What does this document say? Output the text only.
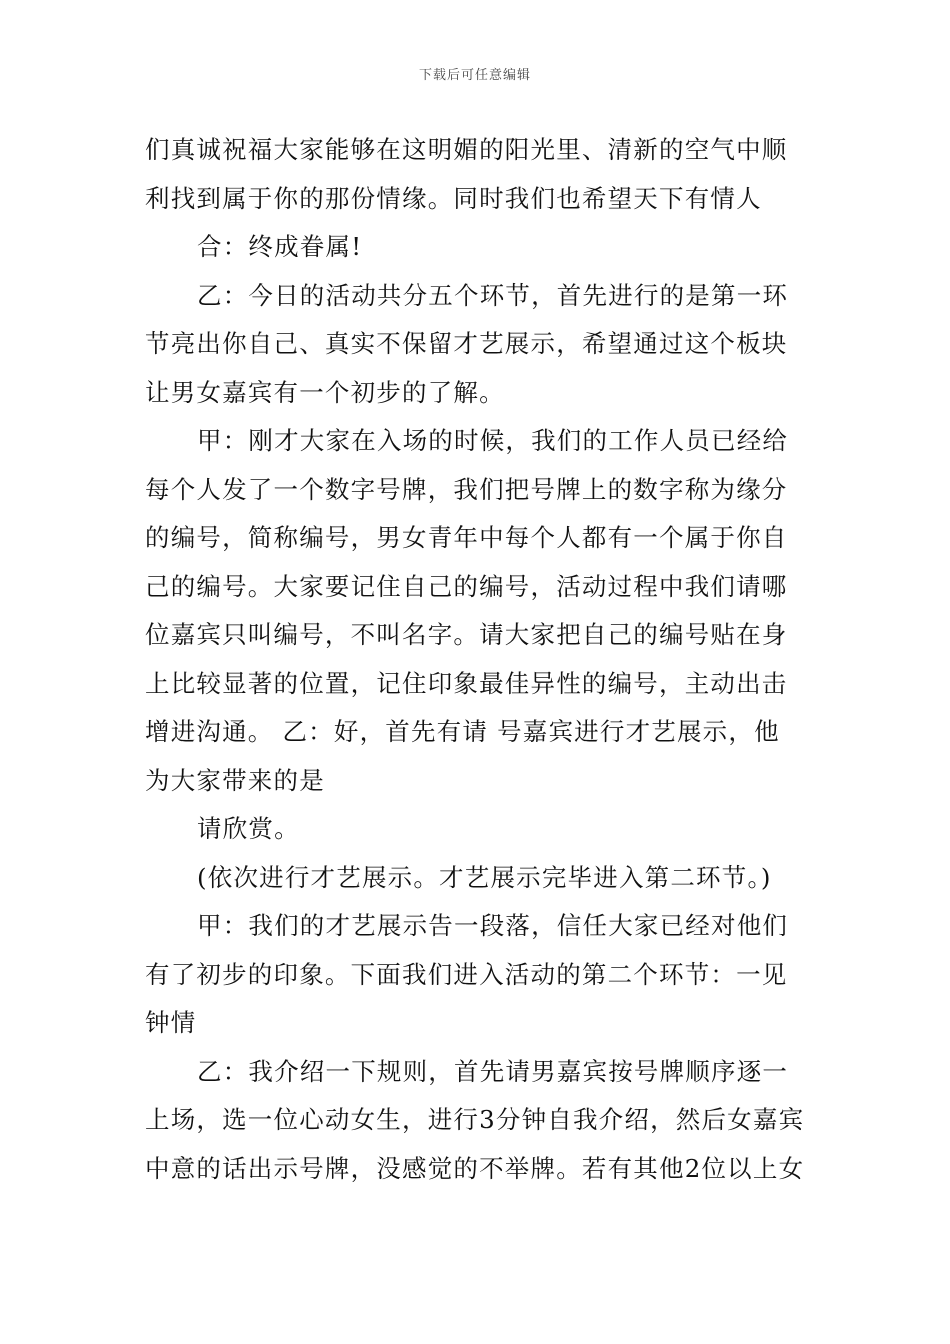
下载后可任意编辑
们真诚祝福大家能够在这明媚的阳光里、清新的空气中顺
利找到属于你的那份情缘。同时我们也希望天下有情人
合：终成眷属!
乙：今日的活动共分五个环节，首先进行的是第一环
节亮出你自己、真实不保留才艺展示，希望通过这个板块
让男女嘉宾有一个初步的了解。
甲：刚才大家在入场的时候，我们的工作人员已经给
每个人发了一个数字号牌，我们把号牌上的数字称为缘分
的编号，简称编号，男女青年中每个人都有一个属于你自
己的编号。大家要记住自己的编号，活动过程中我们请哪
位嘉宾只叫编号，不叫名字。请大家把自己的编号贴在身
上比较显著的位置，记住印象最佳异性的编号，主动出击
增进沟通。 乙：好，首先有请 号嘉宾进行才艺展示，他
为大家带来的是
请欣赏。
(依次进行才艺展示。才艺展示完毕进入第二环节。)
甲：我们的才艺展示告一段落，信任大家已经对他们
有了初步的印象。下面我们进入活动的第二个环节：一见
钟情
乙：我介绍一下规则，首先请男嘉宾按号牌顺序逐一
上场，选一位心动女生，进行3分钟自我介绍，然后女嘉宾
中意的话出示号牌，没感觉的不举牌。若有其他2位以上女
